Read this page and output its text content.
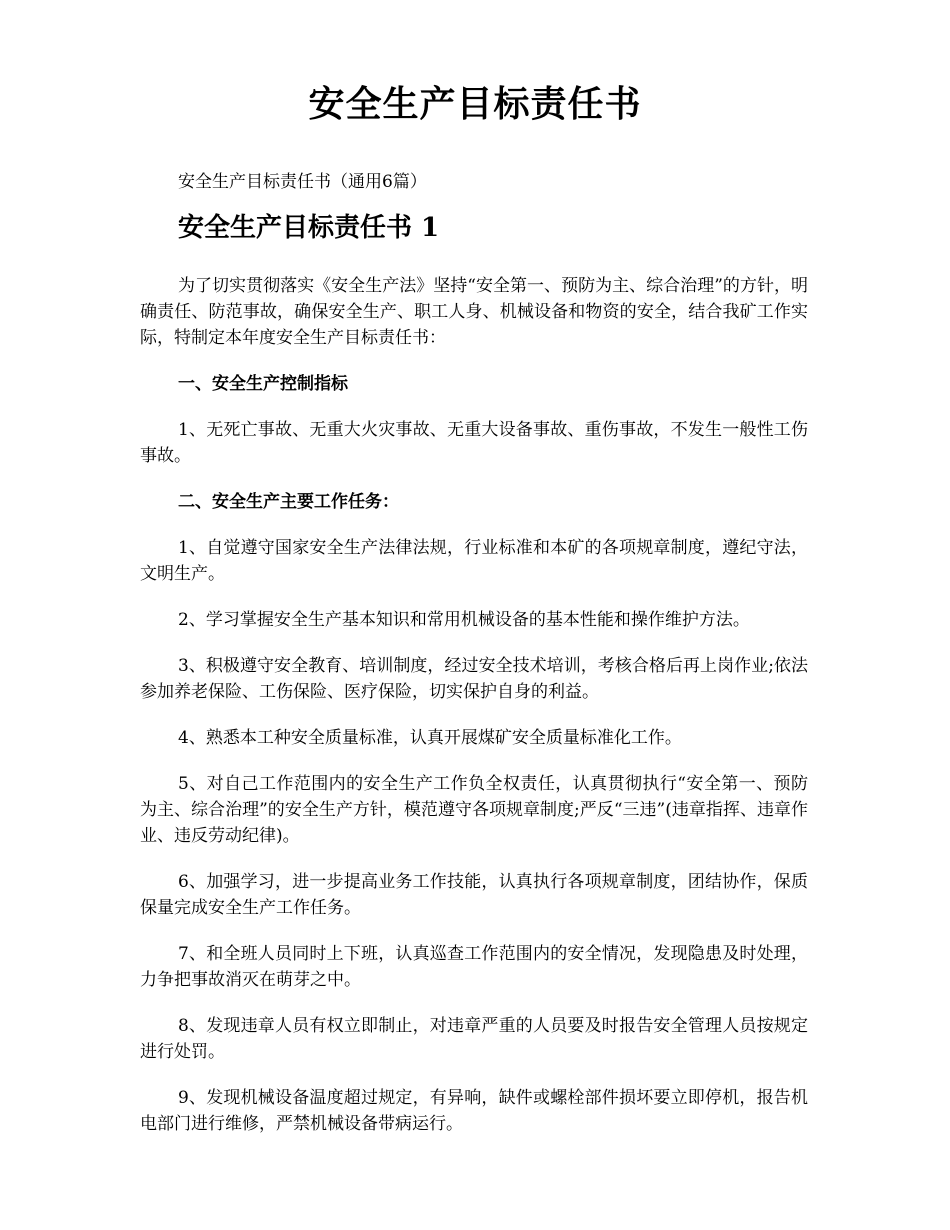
安全生产目标责任书
安全生产目标责任书（通用6篇）
安全生产目标责任书 1

为了切实贯彻落实《安全生产法》坚持“安全第一、预防为主、综合治理”的方针，明确责任、防范事故，确保安全生产、职工人身、机械设备和物资的安全，结合我矿工作实际，特制定本年度安全生产目标责任书：

一、安全生产控制指标

1、无死亡事故、无重大火灾事故、无重大设备事故、重伤事故，不发生一般性工伤事故。

二、安全生产主要工作任务：

1、自觉遵守国家安全生产法律法规，行业标准和本矿的各项规章制度，遵纪守法，文明生产。

2、学习掌握安全生产基本知识和常用机械设备的基本性能和操作维护方法。

3、积极遵守安全教育、培训制度，经过安全技术培训，考核合格后再上岗作业;依法参加养老保险、工伤保险、医疗保险，切实保护自身的利益。

4、熟悉本工种安全质量标准，认真开展煤矿安全质量标准化工作。

5、对自己工作范围内的安全生产工作负全权责任，认真贯彻执行“安全第一、预防为主、综合治理”的安全生产方针，模范遵守各项规章制度;严反“三违”(违章指挥、违章作业、违反劳动纪律)。

6、加强学习，进一步提高业务工作技能，认真执行各项规章制度，团结协作，保质保量完成安全生产工作任务。

7、和全班人员同时上下班，认真巡查工作范围内的安全情况，发现隐患及时处理，力争把事故消灭在萌芽之中。

8、发现违章人员有权立即制止，对违章严重的人员要及时报告安全管理人员按规定进行处罚。

9、发现机械设备温度超过规定，有异响，缺件或螺栓部件损坏要立即停机，报告机电部门进行维修，严禁机械设备带病运行。
